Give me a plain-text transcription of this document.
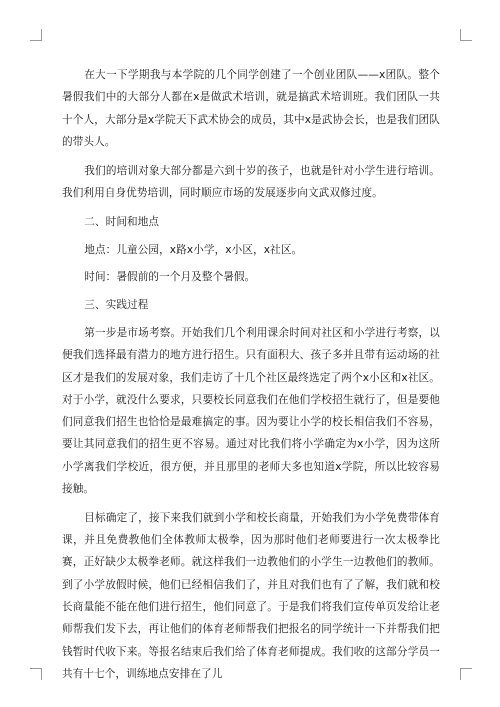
在大一下学期我与本学院的几个同学创建了一个创业团队——x团队。整个暑假我们中的大部分人都在x是做武术培训，就是搞武术培训班。我们团队一共十个人，大部分是x学院天下武术协会的成员，其中x是武协会长，也是我们团队的带头人。

我们的培训对象大部分都是六到十岁的孩子，也就是针对小学生进行培训。我们利用自身优势培训，同时顺应市场的发展逐步向文武双修过度。

二、时间和地点

地点：儿童公园，x路x小学，x小区，x社区。

时间：暑假前的一个月及整个暑假。

三、实践过程

第一步是市场考察。开始我们几个利用课余时间对社区和小学进行考察，以便我们选择最有潜力的地方进行招生。只有面积大、孩子多并且带有运动场的社区才是我们的发展对象，我们走访了十几个社区最终选定了两个x小区和x社区。对于小学，就没什么要求，只要校长同意我们在他们学校招生就行了，但是要他们同意我们招生也恰恰是最难搞定的事。因为要让小学的校长相信我们不容易，要让其同意我们的招生更不容易。通过对比我们将小学确定为x小学，因为这所小学离我们学校近，很方便，并且那里的老师大多也知道x学院，所以比较容易接触。

目标确定了，接下来我们就到小学和校长商量，开始我们为小学免费带体育课，并且免费教他们全体教师太极拳，因为那时他们老师要进行一次太极拳比赛，正好缺少太极拳老师。就这样我们一边教他们的小学生一边教他们的教师。到了小学放假时候，他们已经相信我们了，并且对我们也有了了解，我们就和校长商量能不能在他们进行招生，他们同意了。于是我们将我们宣传单页发给让老师帮我们发下去，再让他们的体育老师帮我们把报名的同学统计一下并帮我们把钱暂时代收下来。等报名结束后我们给了体育老师提成。我们收的这部分学员一共有十七个，训练地点安排在了儿
